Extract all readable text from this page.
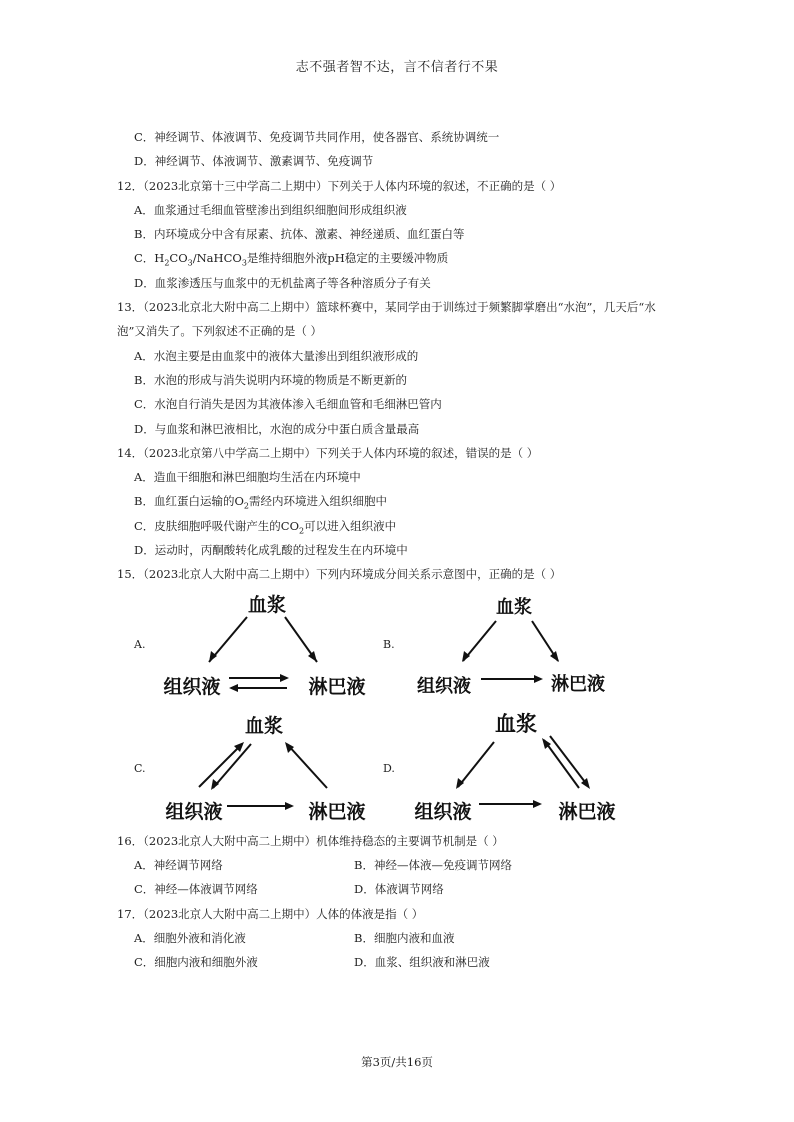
志不强者智不达，言不信者行不果
C．神经调节、体液调节、免疫调节共同作用，使各器官、系统协调统一
D．神经调节、体液调节、激素调节、免疫调节
12．（2023北京第十三中学高二上期中）下列关于人体内环境的叙述，不正确的是（ ）
A．血浆通过毛细血管壁渗出到组织细胞间形成组织液
B．内环境成分中含有尿素、抗体、激素、神经递质、血红蛋白等
C．$H_2CO_3/NaHCO_3$是维持细胞外液pH稳定的主要缓冲物质
D．血浆渗透压与血浆中的无机盐离子等各种溶质分子有关
13．（2023北京北大附中高二上期中）篮球杯赛中，某同学由于训练过于频繁脚掌磨出“水泡”，几天后“水
泡”又消失了。下列叙述不正确的是（ ）
A．水泡主要是由血浆中的液体大量渗出到组织液形成的
B．水泡的形成与消失说明内环境的物质是不断更新的
C．水泡自行消失是因为其液体渗入毛细血管和毛细淋巴管内
D．与血浆和淋巴液相比，水泡的成分中蛋白质含量最高
14．（2023北京第八中学高二上期中）下列关于人体内环境的叙述，错误的是（ ）
A．造血干细胞和淋巴细胞均生活在内环境中
B．血红蛋白运输的$O_2$需经内环境进入组织细胞中
C．皮肤细胞呼吸代谢产生的$CO_2$可以进入组织液中
D．运动时，丙酮酸转化成乳酸的过程发生在内环境中
15．（2023北京人大附中高二上期中）下列内环境成分间关系示意图中，正确的是（ ）
A.
血浆
组织液	淋巴液
B.
血浆
组织液	淋巴液
C.
血浆
组织液	淋巴液
D.
血浆
组织液	淋巴液
16．（2023北京人大附中高二上期中）机体维持稳态的主要调节机制是（ ）
A．神经调节网络	B．神经—体液—免疫调节网络
C．神经—体液调节网络	D．体液调节网络
17．（2023北京人大附中高二上期中）人体的体液是指（ ）
A．细胞外液和消化液	B．细胞内液和血液
C．细胞内液和细胞外液	D．血浆、组织液和淋巴液
第3页/共16页
